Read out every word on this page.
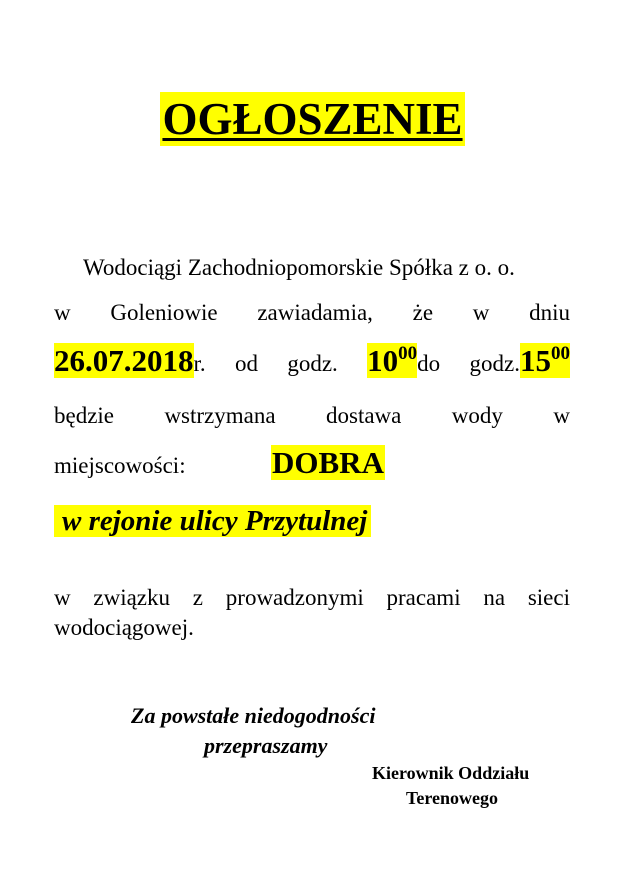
OGŁOSZENIE
Wodociągi Zachodniopomorskie Spółka z o. o.
w Goleniowie zawiadamia, że w dniu
26.07.2018r. od godz. $10^{00}do$ $godz.15^{00}$
będzie wstrzymana dostawa wody w
miejscowości:	DOBRA
w rejonie ulicy Przytulnej
w związku z prowadzonymi pracami na sieci
wodociągowej.
Za powstałe niedogodności
przepraszamy
Kierownik Oddziału
Terenowego
